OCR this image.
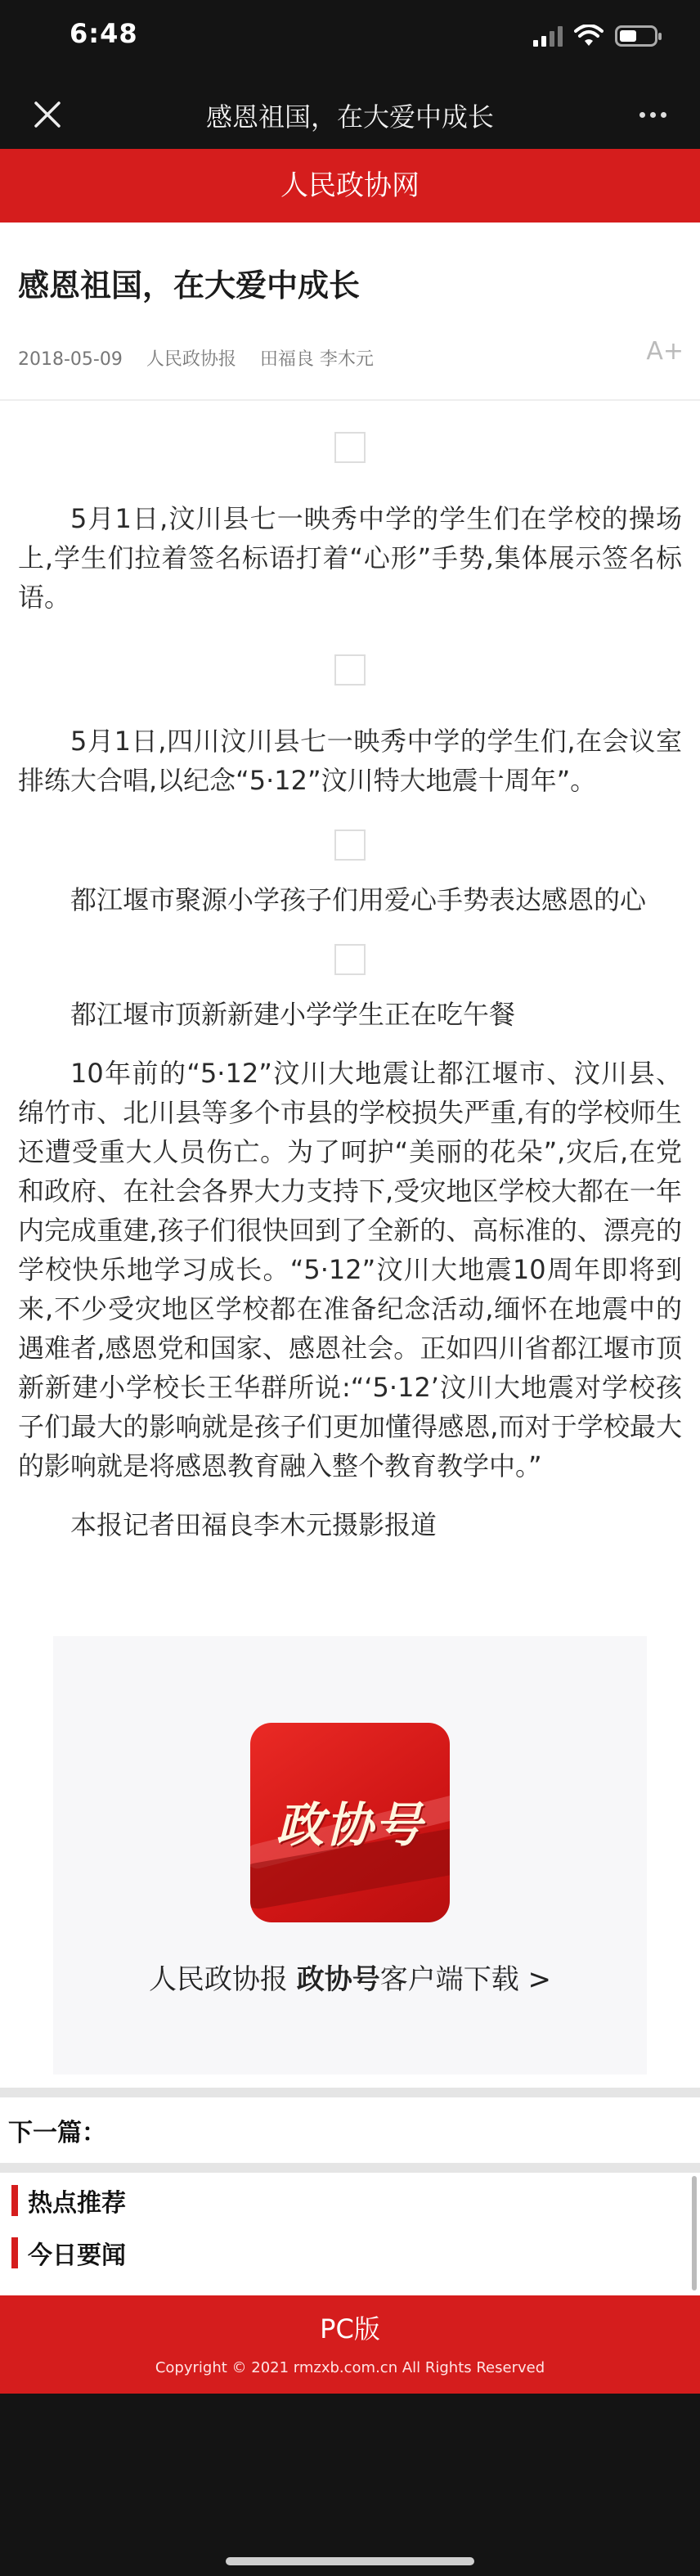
6:48
感恩祖国，在大爱中成长
人民政协网
感恩祖国，在大爱中成长
2018-05-09 人民政协报 田福良 李木元	A+

5月1日,汶川县七一映秀中学的学生们在学校的操场上,学生们拉着签名标语打着“心形”手势,集体展示签名标语。

5月1日,四川汶川县七一映秀中学的学生们,在会议室排练大合唱,以纪念“5·12”汶川特大地震十周年”。

都江堰市聚源小学孩子们用爱心手势表达感恩的心

都江堰市顶新新建小学学生正在吃午餐

10年前的“5·12”汶川大地震让都江堰市、汶川县、绵竹市、北川县等多个市县的学校损失严重,有的学校师生还遭受重大人员伤亡。为了呵护“美丽的花朵”,灾后,在党和政府、在社会各界大力支持下,受灾地区学校大都在一年内完成重建,孩子们很快回到了全新的、高标准的、漂亮的学校快乐地学习成长。“5·12”汶川大地震10周年即将到来,不少受灾地区学校都在准备纪念活动,缅怀在地震中的遇难者,感恩党和国家、感恩社会。正如四川省都江堰市顶新新建小学校长王华群所说:“‘5·12’汶川大地震对学校孩子们最大的影响就是孩子们更加懂得感恩,而对于学校最大的影响就是将感恩教育融入整个教育教学中。”

本报记者田福良李木元摄影报道

政协号
人民政协报 政协号客户端下载 >
下一篇：
热点推荐
今日要闻
PC版
Copyright © 2021 rmzxb.com.cn All Rights Reserved
